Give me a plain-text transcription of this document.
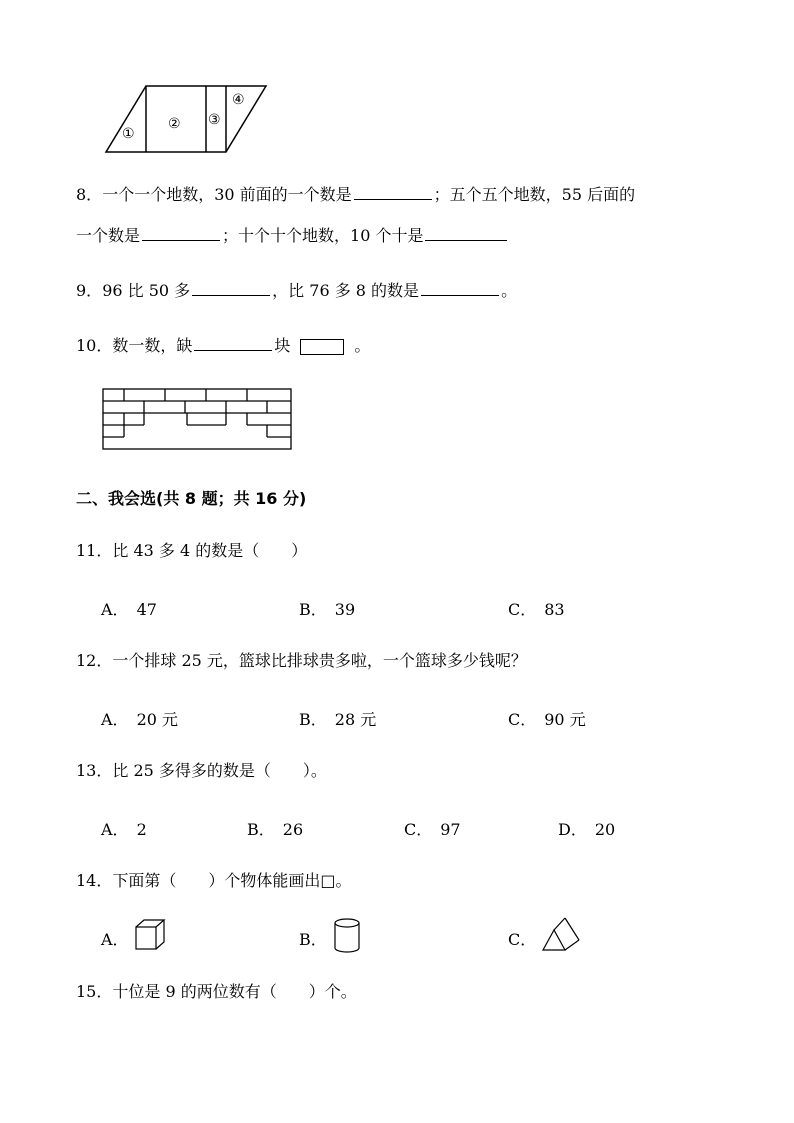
①
② ③
④
8．一个一个地数，30 前面的一个数是	；五个五个地数，55 后面的
一个数是	；十个十个地数，10 个十是
9．96 比 50 多	，比 76 多 8 的数是	。
10．数一数，缺	块	。
二、我会选(共 8 题；共 16 分)
11．比 43 多 4 的数是（　　）
A． 47	B． 39	C． 83
12．一个排球 25 元，篮球比排球贵多啦，一个篮球多少钱呢？
A． 20 元	B． 28 元	C． 90 元
13．比 25 多得多的数是（　　）。
A． 2	B． 26	C． 97	D． 20
14．下面第（　　）个物体能画出□。
A．	B．	C．
15．十位是 9 的两位数有（　　）个。
